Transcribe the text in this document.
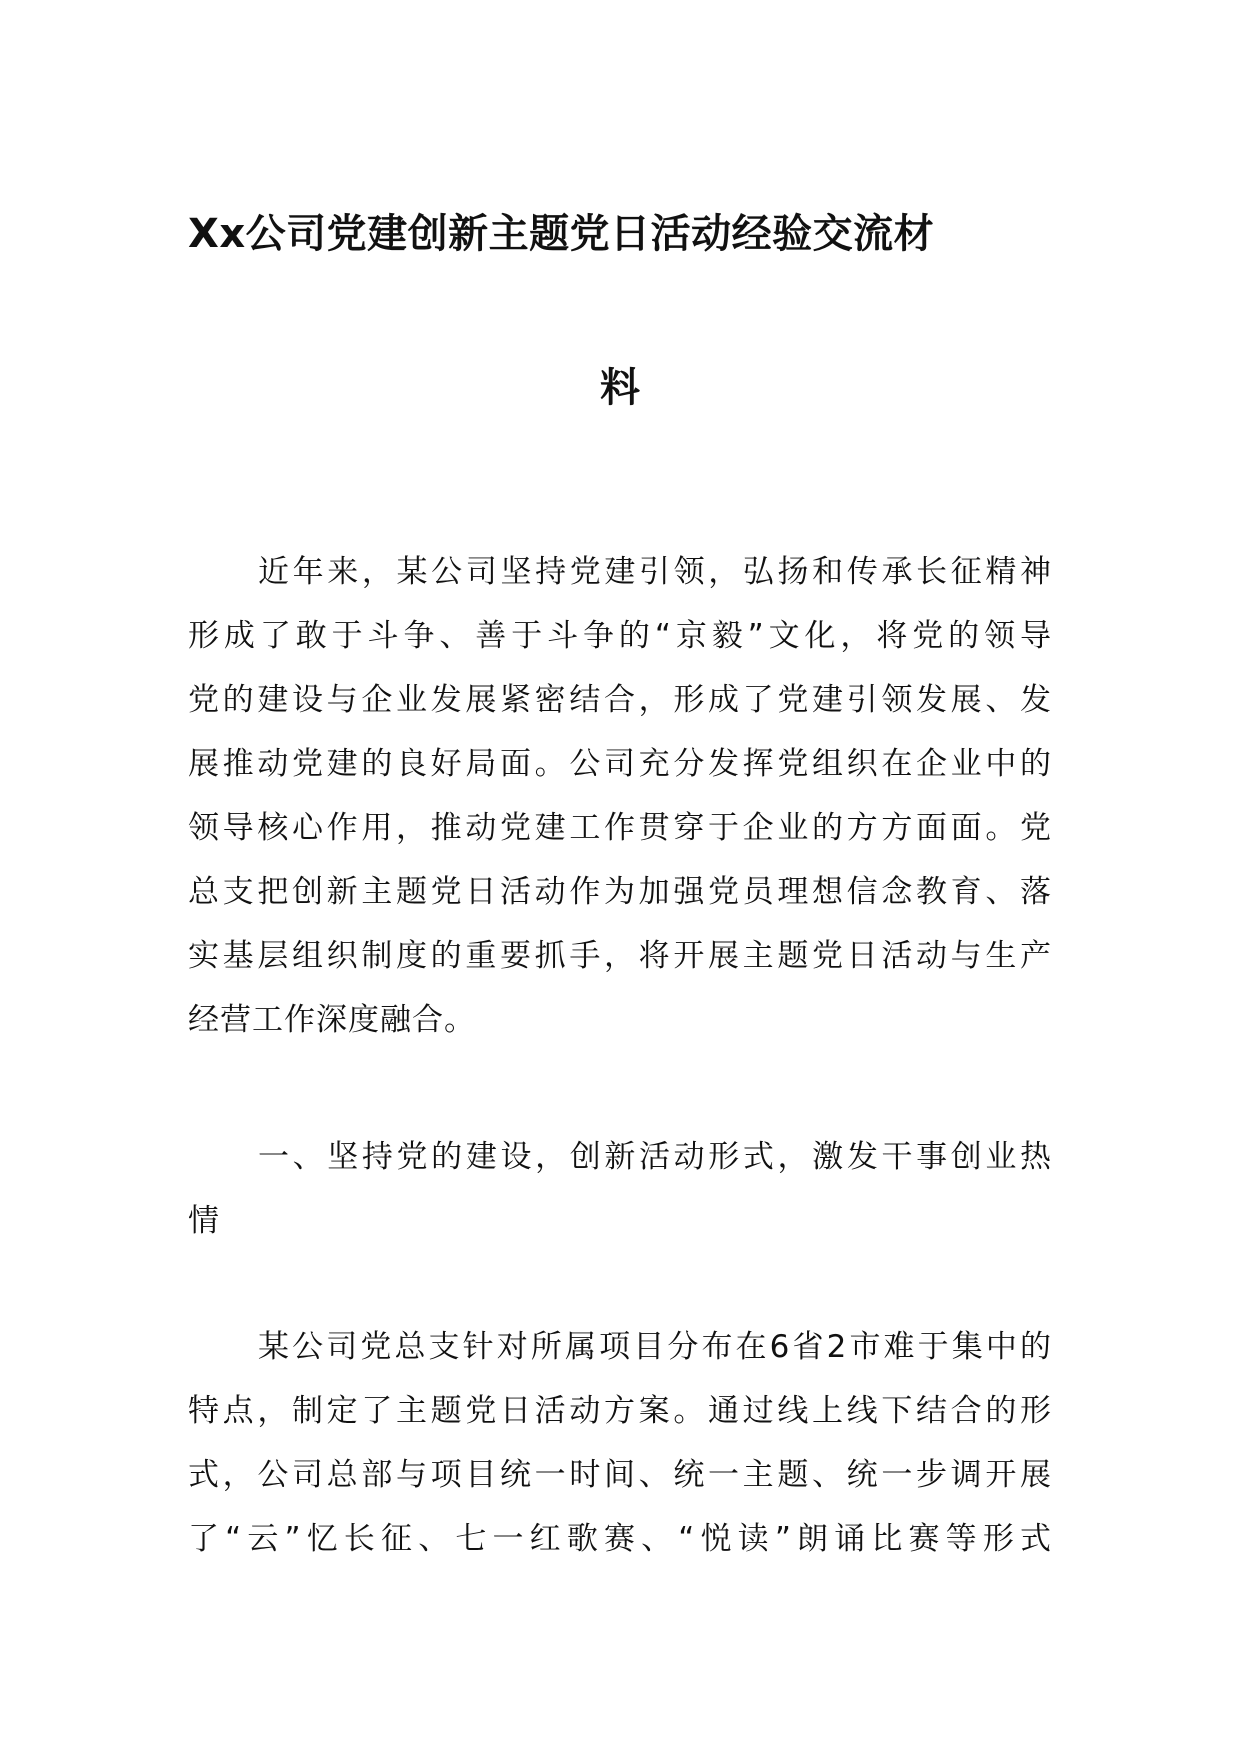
Xx公司党建创新主题党日活动经验交流材
料
近年来，某公司坚持党建引领，弘扬和传承长征精神
形成了敢于斗争、善于斗争的“京毅”文化，将党的领导
党的建设与企业发展紧密结合，形成了党建引领发展、发
展推动党建的良好局面。公司充分发挥党组织在企业中的
领导核心作用，推动党建工作贯穿于企业的方方面面。党
总支把创新主题党日活动作为加强党员理想信念教育、落
实基层组织制度的重要抓手，将开展主题党日活动与生产
经营工作深度融合。
一、坚持党的建设，创新活动形式，激发干事创业热
情
某公司党总支针对所属项目分布在6省2市难于集中的
特点，制定了主题党日活动方案。通过线上线下结合的形
式，公司总部与项目统一时间、统一主题、统一步调开展
了“云”忆长征、七一红歌赛、“悦读”朗诵比赛等形式
